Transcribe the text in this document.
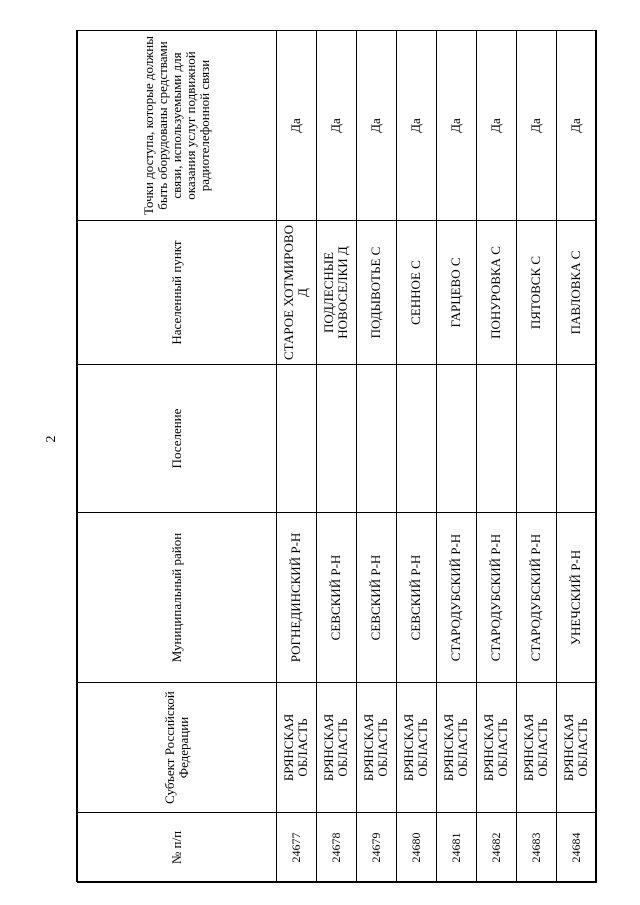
2
№ п/п	Субъект Российской Федерации	Муниципальный район	Поселение	Населенный пункт	Точки доступа, которые должны быть оборудованы средствами связи, используемыми для оказания услуг подвижной радиотелефонной связи
24677	БРЯНСКАЯ ОБЛАСТЬ	РОГНЕДИНСКИЙ Р-Н		СТАРОЕ ХОТМИРОВО Д	Да
24678	БРЯНСКАЯ ОБЛАСТЬ	СЕВСКИЙ Р-Н		ПОДЛЕСНЫЕ НОВОСЕЛКИ Д	Да
24679	БРЯНСКАЯ ОБЛАСТЬ	СЕВСКИЙ Р-Н		ПОДЫВОТЬЕ С	Да
24680	БРЯНСКАЯ ОБЛАСТЬ	СЕВСКИЙ Р-Н		СЕННОЕ С	Да
24681	БРЯНСКАЯ ОБЛАСТЬ	СТАРОДУБСКИЙ Р-Н		ГАРЦЕВО С	Да
24682	БРЯНСКАЯ ОБЛАСТЬ	СТАРОДУБСКИЙ Р-Н		ПОНУРОВКА С	Да
24683	БРЯНСКАЯ ОБЛАСТЬ	СТАРОДУБСКИЙ Р-Н		ПЯТОВСК С	Да
24684	БРЯНСКАЯ ОБЛАСТЬ	УНЕЧСКИЙ Р-Н		ПАВЛОВКА С	Да
